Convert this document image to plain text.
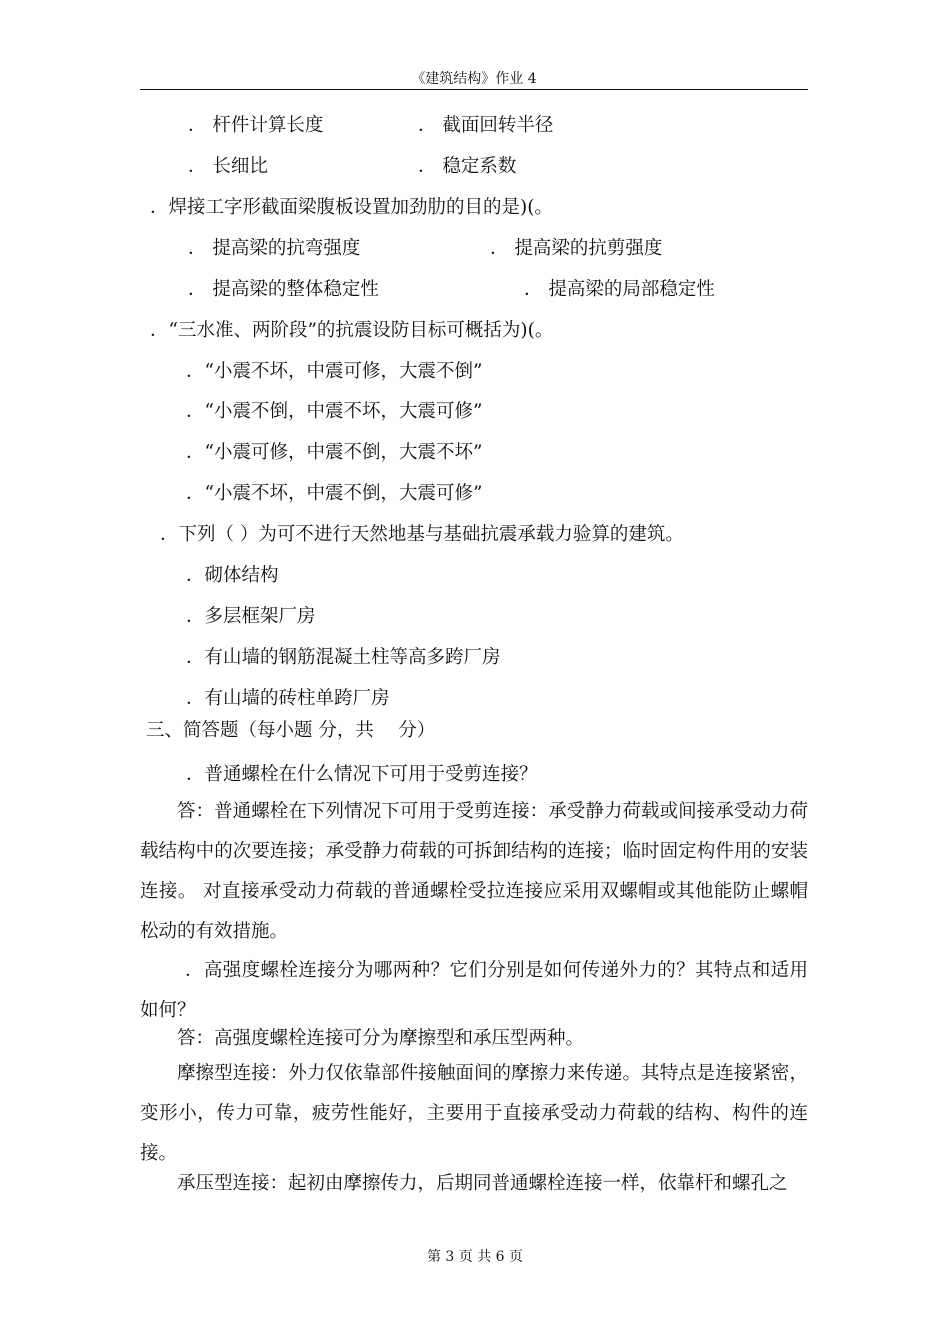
《建筑结构》作业 4
． 杆件计算长度	． 截面回转半径
． 长细比	． 稳定系数
．焊接工字形截面梁腹板设置加劲肋的目的是)(。
． 提高梁的抗弯强度	． 提高梁的抗剪强度
． 提高梁的整体稳定性	． 提高梁的局部稳定性
．“三水准、两阶段”的抗震设防目标可概括为)(。
．“小震不坏，中震可修，大震不倒”
．“小震不倒，中震不坏，大震可修”
．“小震可修，中震不倒，大震不坏”
．“小震不坏，中震不倒，大震可修”
．下列（ ）为可不进行天然地基与基础抗震承载力验算的建筑。
．砌体结构
．多层框架厂房
．有山墙的钢筋混凝土柱等高多跨厂房
．有山墙的砖柱单跨厂房
三、简答题（每小题 分，共　 分）
．普通螺栓在什么情况下可用于受剪连接？
答：普通螺栓在下列情况下可用于受剪连接：承受静力荷载或间接承受动力荷载结构中的次要连接；承受静力荷载的可拆卸结构的连接；临时固定构件用的安装连接。 对直接承受动力荷载的普通螺栓受拉连接应采用双螺帽或其他能防止螺帽松动的有效措施。
．高强度螺栓连接分为哪两种？它们分别是如何传递外力的？其特点和适用如何？
答：高强度螺栓连接可分为摩擦型和承压型两种。
摩擦型连接：外力仅依靠部件接触面间的摩擦力来传递。其特点是连接紧密，变形小，传力可靠，疲劳性能好，主要用于直接承受动力荷载的结构、构件的连接。
承压型连接：起初由摩擦传力，后期同普通螺栓连接一样，依靠杆和螺孔之
第 3 页 共 6 页
